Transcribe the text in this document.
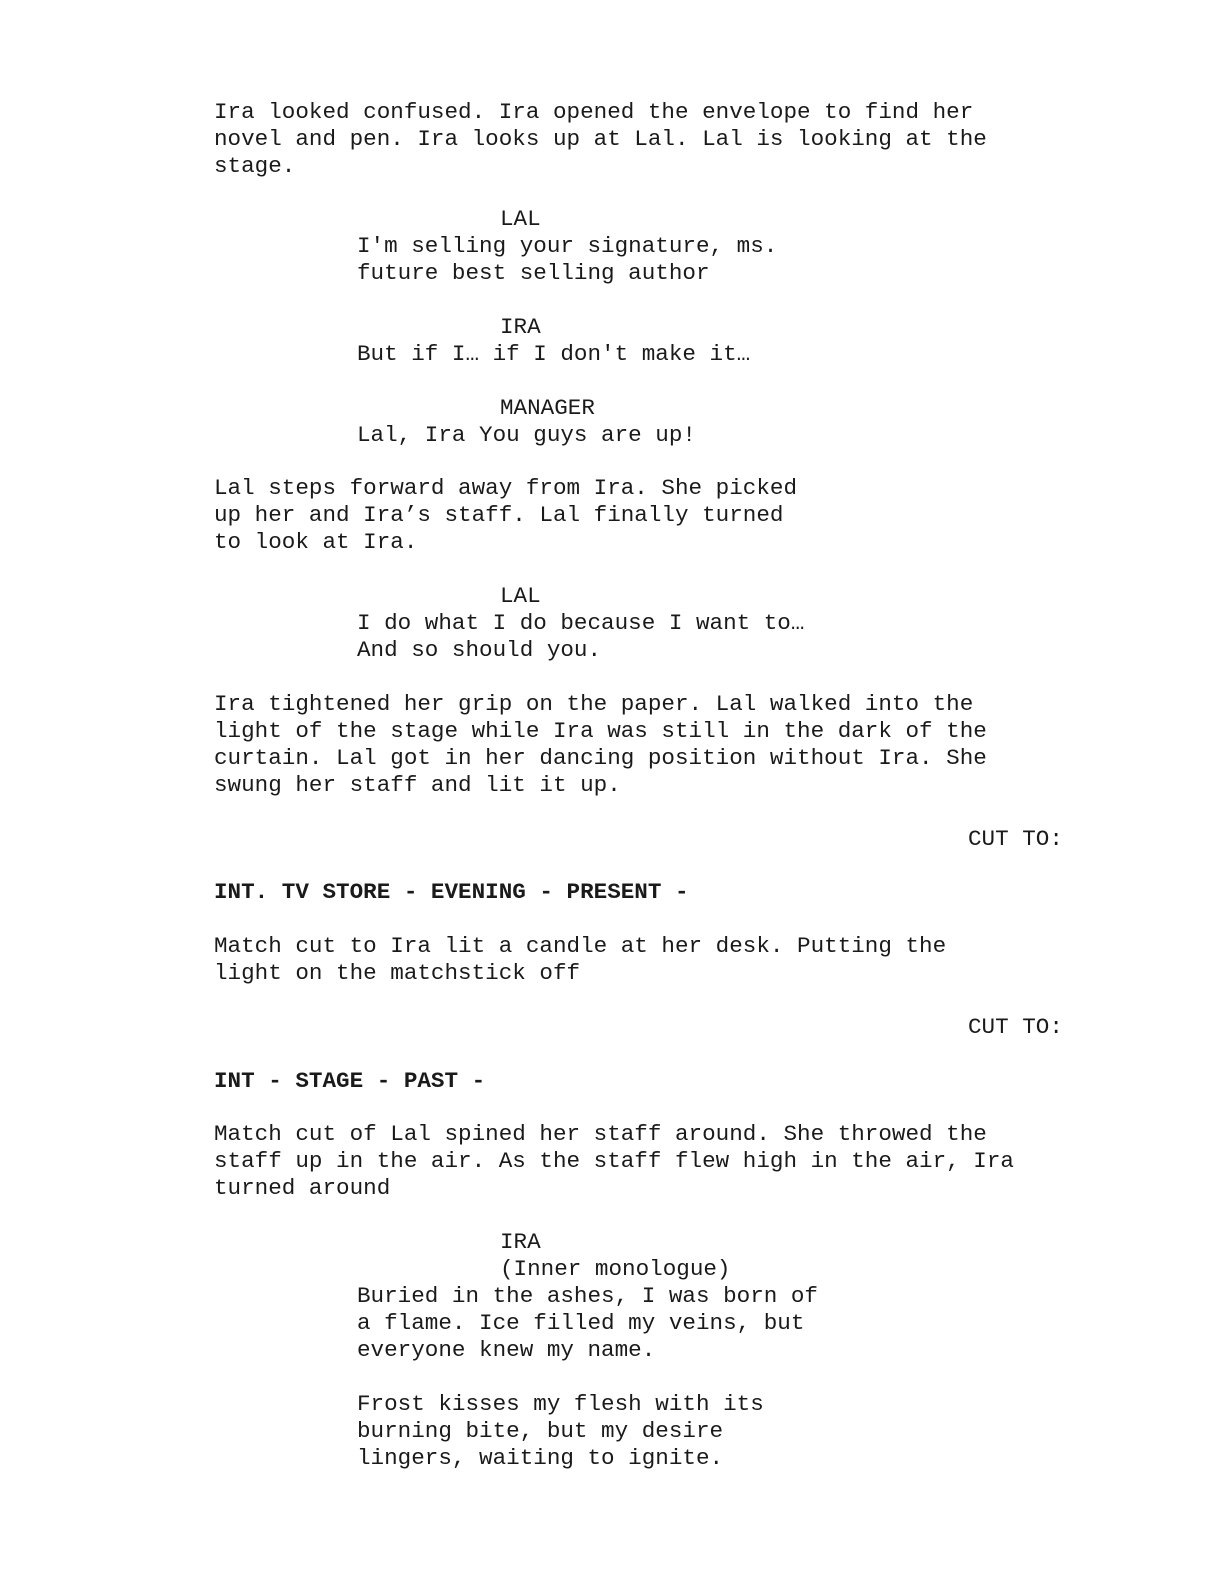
Ira looked confused. Ira opened the envelope to find her
novel and pen. Ira looks up at Lal. Lal is looking at the
stage.
LAL
I'm selling your signature, ms.
future best selling author
IRA
But if I… if I don't make it…
MANAGER
Lal, Ira You guys are up!
Lal steps forward away from Ira. She picked
up her and Ira’s staff. Lal finally turned
to look at Ira.
LAL
I do what I do because I want to…
And so should you.
Ira tightened her grip on the paper. Lal walked into the
light of the stage while Ira was still in the dark of the
curtain. Lal got in her dancing position without Ira. She
swung her staff and lit it up.
CUT TO:
INT. TV STORE - EVENING - PRESENT -
Match cut to Ira lit a candle at her desk. Putting the
light on the matchstick off
CUT TO:
INT - STAGE - PAST -
Match cut of Lal spined her staff around. She throwed the
staff up in the air. As the staff flew high in the air, Ira
turned around
IRA
(Inner monologue)
Buried in the ashes, I was born of
a flame. Ice filled my veins, but
everyone knew my name.
Frost kisses my flesh with its
burning bite, but my desire
lingers, waiting to ignite.
